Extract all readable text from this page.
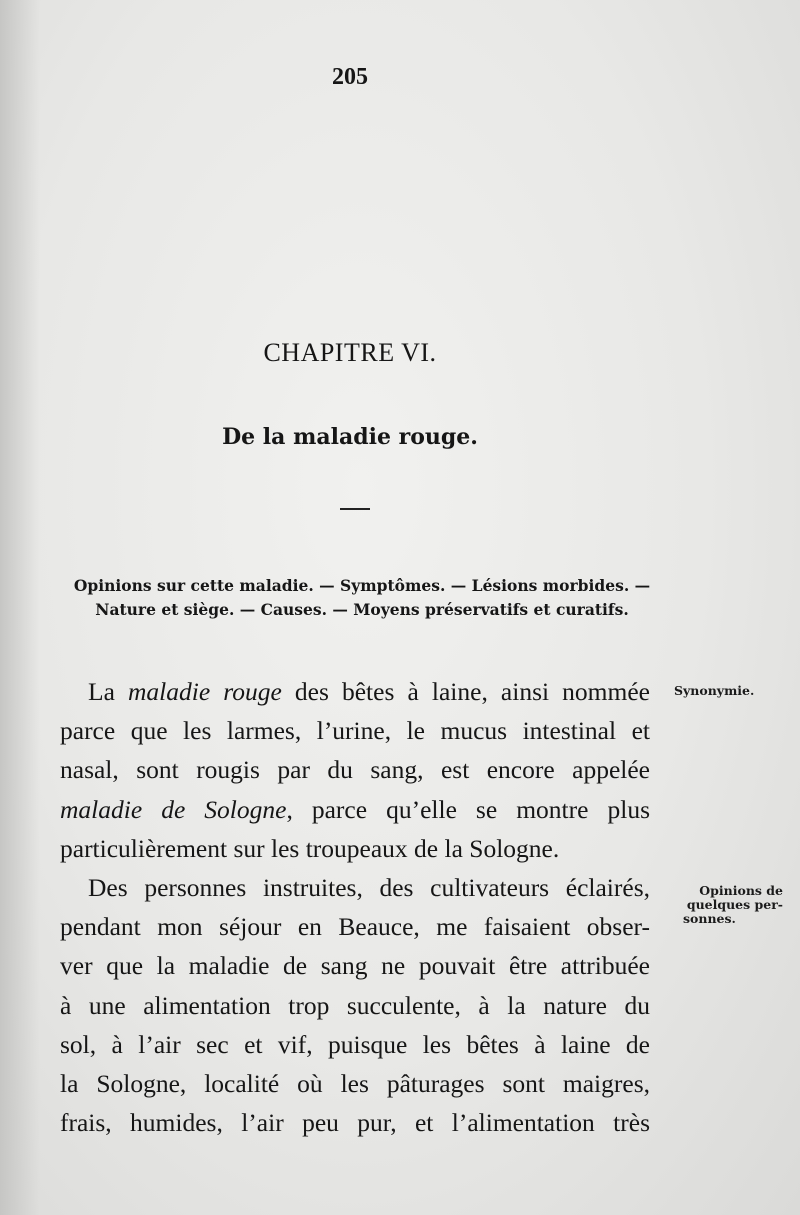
205
CHAPITRE VI.
De la maladie rouge.
Opinions sur cette maladie. — Symptômes. — Lésions morbides. —
Nature et siège. — Causes. — Moyens préservatifs et curatifs.
La maladie rouge des bêtes à laine, ainsi nommée
parce que les larmes, l’urine, le mucus intestinal et
nasal, sont rougis par du sang, est encore appelée
maladie de Sologne, parce qu’elle se montre plus
particulièrement sur les troupeaux de la Sologne.
Des personnes instruites, des cultivateurs éclairés,
pendant mon séjour en Beauce, me faisaient obser-
ver que la maladie de sang ne pouvait être attribuée
à une alimentation trop succulente, à la nature du
sol, à l’air sec et vif, puisque les bêtes à laine de
la Sologne, localité où les pâturages sont maigres,
frais, humides, l’air peu pur, et l’alimentation très
Synonymie.
Opinions de
quelques per-
sonnes.
